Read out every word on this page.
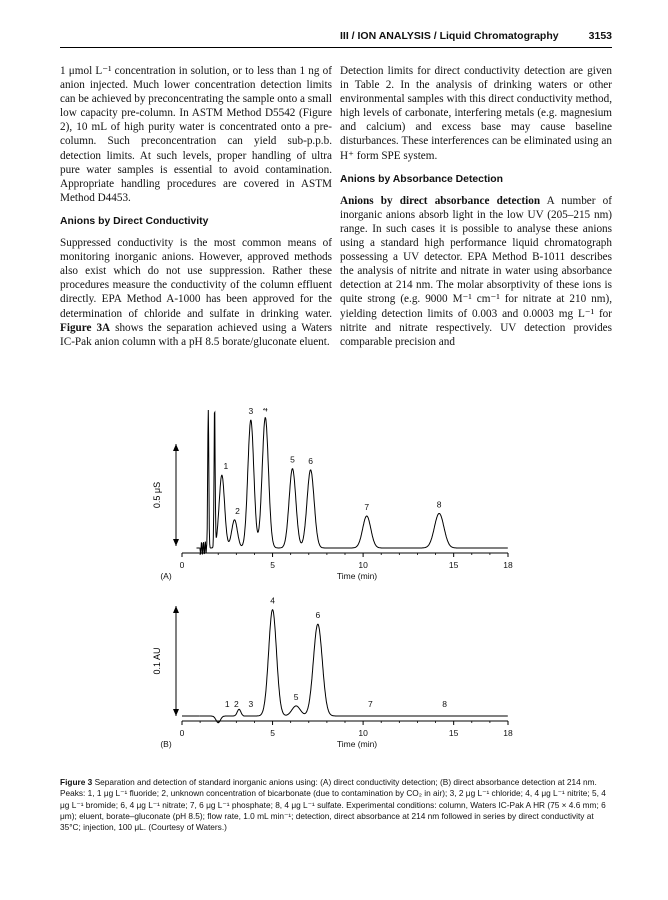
III / ION ANALYSIS / Liquid Chromatography	3153

1 μmol L⁻¹ concentration in solution, or to less than 1 ng of anion injected. Much lower concentration detection limits can be achieved by preconcentrating the sample onto a small low capacity pre-column. In ASTM Method D5542 (Figure 2), 10 mL of high purity water is concentrated onto a pre-column. Such preconcentration can yield sub-p.p.b. detection limits. At such levels, proper handling of ultra pure water samples is essential to avoid contamination. Appropriate handling procedures are covered in ASTM Method D4453.

Anions by Direct Conductivity

Suppressed conductivity is the most common means of monitoring inorganic anions. However, approved methods also exist which do not use suppression. Rather these procedures measure the conductivity of the column effluent directly. EPA Method A-1000 has been approved for the determination of chloride and sulfate in drinking water. Figure 3A shows the separation achieved using a Waters IC-Pak anion column with a pH 8.5 borate/gluconate eluent.

Detection limits for direct conductivity detection are given in Table 2. In the analysis of drinking waters or other environmental samples with this direct conductivity method, high levels of carbonate, interfering metals (e.g. magnesium and calcium) and excess base may cause baseline disturbances. These interferences can be eliminated using an H⁺ form SPE system.

Anions by Absorbance Detection

Anions by direct absorbance detection A number of inorganic anions absorb light in the low UV (205–215 nm) range. In such cases it is possible to analyse these anions using a standard high performance liquid chromatograph possessing a UV detector. EPA Method B-1011 describes the analysis of nitrite and nitrate in water using absorbance detection at 214 nm. The molar absorptivity of these ions is quite strong (e.g. 9000 M⁻¹ cm⁻¹ for nitrate at 210 nm), yielding detection limits of 0.003 and 0.0003 mg L⁻¹ for nitrite and nitrate respectively. UV detection provides comparable precision and

0	5	10	15	18
Time (min)
(A)
0.5 μS
1
2
3 4
5 6
7	8
0	5	10	15	18
Time (min)
(B)
0.1 AU
1 2 3
4
5
6
7	8
Figure 3 Separation and detection of standard inorganic anions using: (A) direct conductivity detection; (B) direct absorbance detection at 214 nm. Peaks: 1, 1 μg L⁻¹ fluoride; 2, unknown concentration of bicarbonate (due to contamination by CO₂ in air); 3, 2 μg L⁻¹ chloride; 4, 4 μg L⁻¹ nitrite; 5, 4 μg L⁻¹ bromide; 6, 4 μg L⁻¹ nitrate; 7, 6 μg L⁻¹ phosphate; 8, 4 μg L⁻¹ sulfate. Experimental conditions: column, Waters IC-Pak A HR (75 × 4.6 mm; 6 μm); eluent, borate–gluconate (pH 8.5); flow rate, 1.0 mL min⁻¹; detection, direct absorbance at 214 nm followed in series by direct conductivity at 35°C; injection, 100 μL. (Courtesy of Waters.)
